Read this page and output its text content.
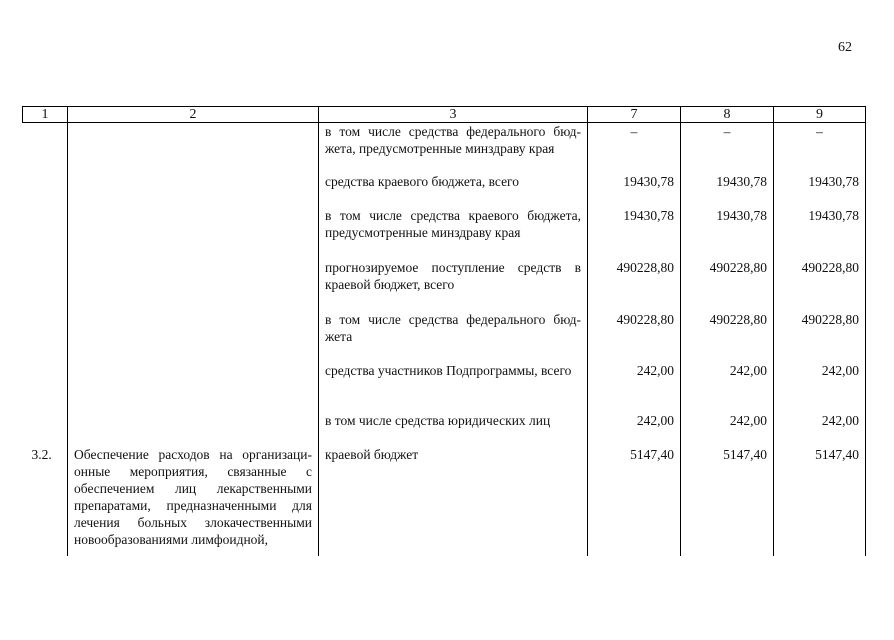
62
1	2	3	7	8	9
		в том числе средства федерального бюд-жета, предусмотренные минздраву края	–	–	–
		средства краевого бюджета, всего	19430,78	19430,78	19430,78
		в том числе средства краевого бюджета, предусмотренные минздраву края	19430,78	19430,78	19430,78
		прогнозируемое поступление средств в краевой бюджет, всего	490228,80	490228,80	490228,80
		в том числе средства федерального бюд-жета	490228,80	490228,80	490228,80
		средства участников Подпрограммы, всего	242,00	242,00	242,00
		в том числе средства юридических лиц	242,00	242,00	242,00
3.2.	Обеспечение расходов на организаци-онные мероприятия, связанные с обеспечением лиц лекарственными препаратами, предназначенными для лечения больных злокачественными новообразованиями лимфоидной,	краевой бюджет	5147,40	5147,40	5147,40
